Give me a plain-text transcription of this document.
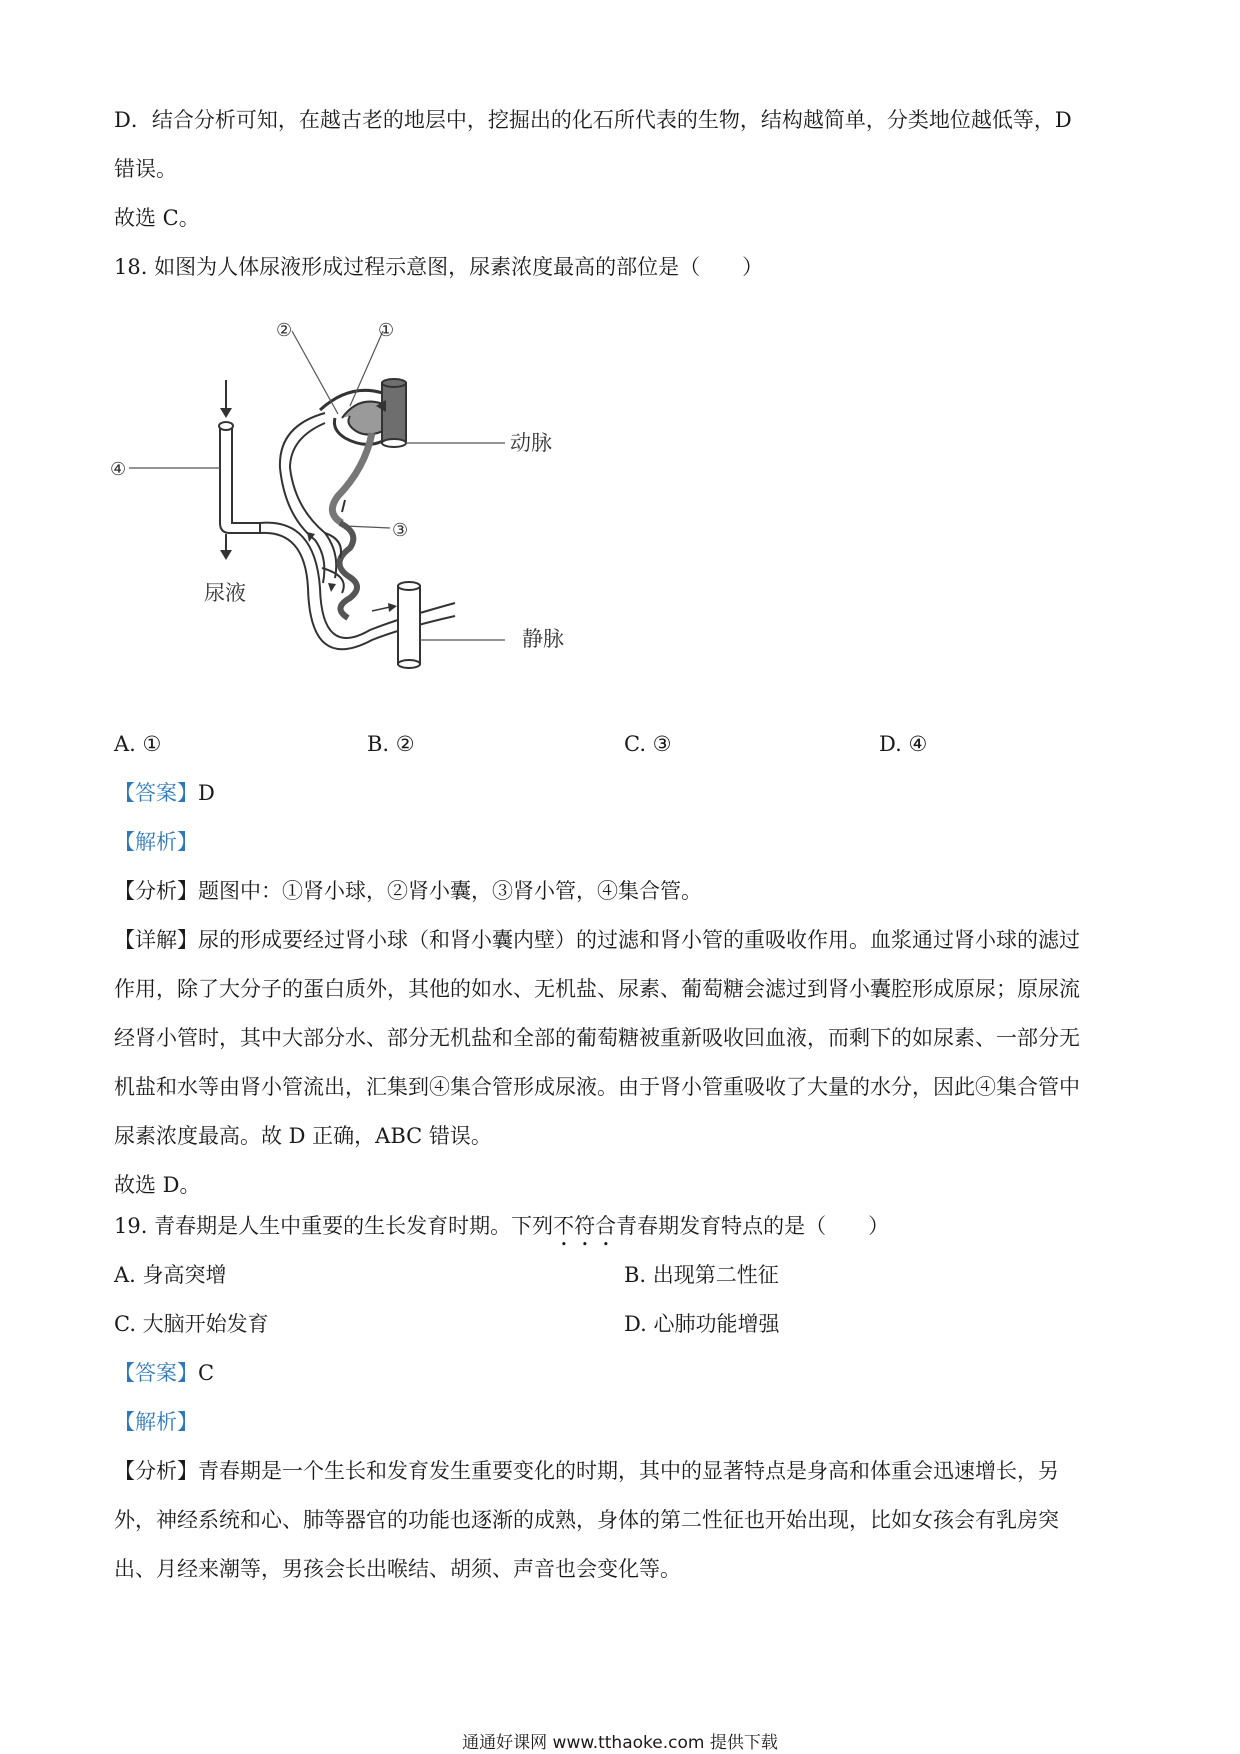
D．结合分析可知，在越古老的地层中，挖掘出的化石所代表的生物，结构越简单，分类地位越低等，D
错误。
故选 C。
18. 如图为人体尿液形成过程示意图，尿素浓度最高的部位是（　　）
②	①
④
③
动脉
尿液
静脉
A. ①	B. ②	C. ③	D. ④
【答案】D
【解析】
【分析】题图中：①肾小球，②肾小囊，③肾小管，④集合管。
【详解】尿的形成要经过肾小球（和肾小囊内壁）的过滤和肾小管的重吸收作用。血浆通过肾小球的滤过
作用，除了大分子的蛋白质外，其他的如水、无机盐、尿素、葡萄糖会滤过到肾小囊腔形成原尿；原尿流
经肾小管时，其中大部分水、部分无机盐和全部的葡萄糖被重新吸收回血液，而剩下的如尿素、一部分无
机盐和水等由肾小管流出，汇集到④集合管形成尿液。由于肾小管重吸收了大量的水分，因此④集合管中
尿素浓度最高。故 D 正确，ABC 错误。
故选 D。
19. 青春期是人生中重要的生长发育时期。下列不符合青春期发育特点的是（　　）
A. 身高突增	B. 出现第二性征
C. 大脑开始发育	D. 心肺功能增强
【答案】C
【解析】
【分析】青春期是一个生长和发育发生重要变化的时期，其中的显著特点是身高和体重会迅速增长，另
外，神经系统和心、肺等器官的功能也逐渐的成熟，身体的第二性征也开始出现，比如女孩会有乳房突
出、月经来潮等，男孩会长出喉结、胡须、声音也会变化等。
通通好课网 www.tthaoke.com 提供下载
